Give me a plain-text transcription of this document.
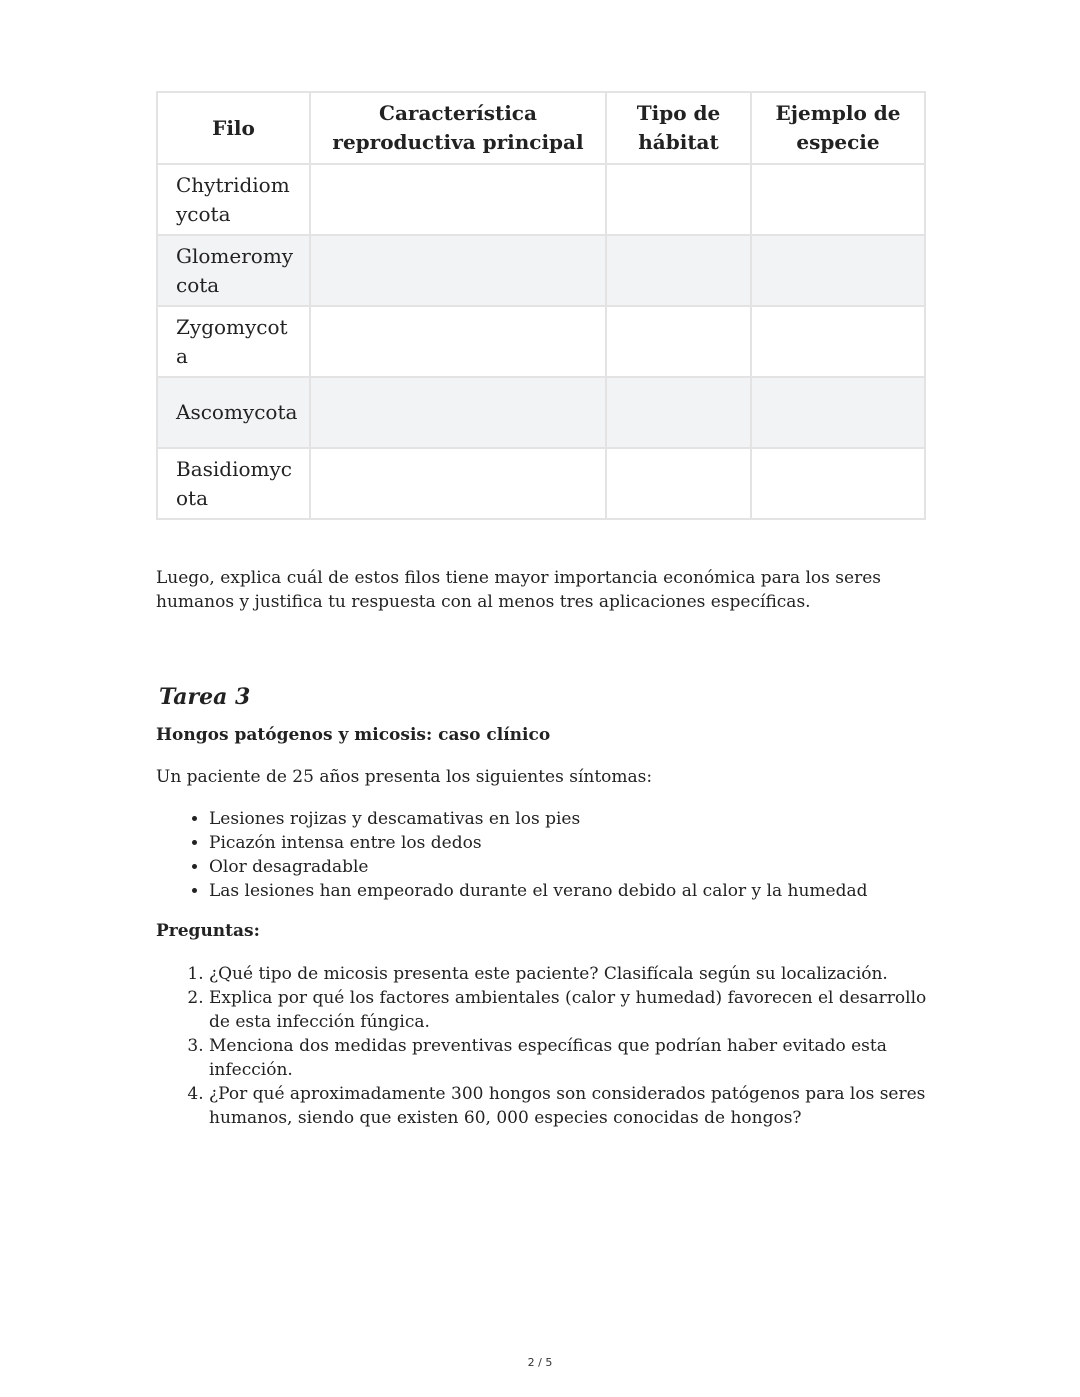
Filo	Característica reproductiva principal	Tipo de hábitat	Ejemplo de especie
Chytridiomycota			
Glomeromycota			
Zygomycota			
Ascomycota			
Basidiomycota			

Luego, explica cuál de estos filos tiene mayor importancia económica para los seres humanos y justifica tu respuesta con al menos tres aplicaciones específicas.

Tarea 3

Hongos patógenos y micosis: caso clínico

Un paciente de 25 años presenta los siguientes síntomas:

• Lesiones rojizas y descamativas en los pies
• Picazón intensa entre los dedos
• Olor desagradable
• Las lesiones han empeorado durante el verano debido al calor y la humedad

Preguntas:

1. ¿Qué tipo de micosis presenta este paciente? Clasifícala según su localización.
2. Explica por qué los factores ambientales (calor y humedad) favorecen el desarrollo de esta infección fúngica.
3. Menciona dos medidas preventivas específicas que podrían haber evitado esta infección.
4. ¿Por qué aproximadamente 300 hongos son considerados patógenos para los seres humanos, siendo que existen 60, 000 especies conocidas de hongos?
2 / 5
